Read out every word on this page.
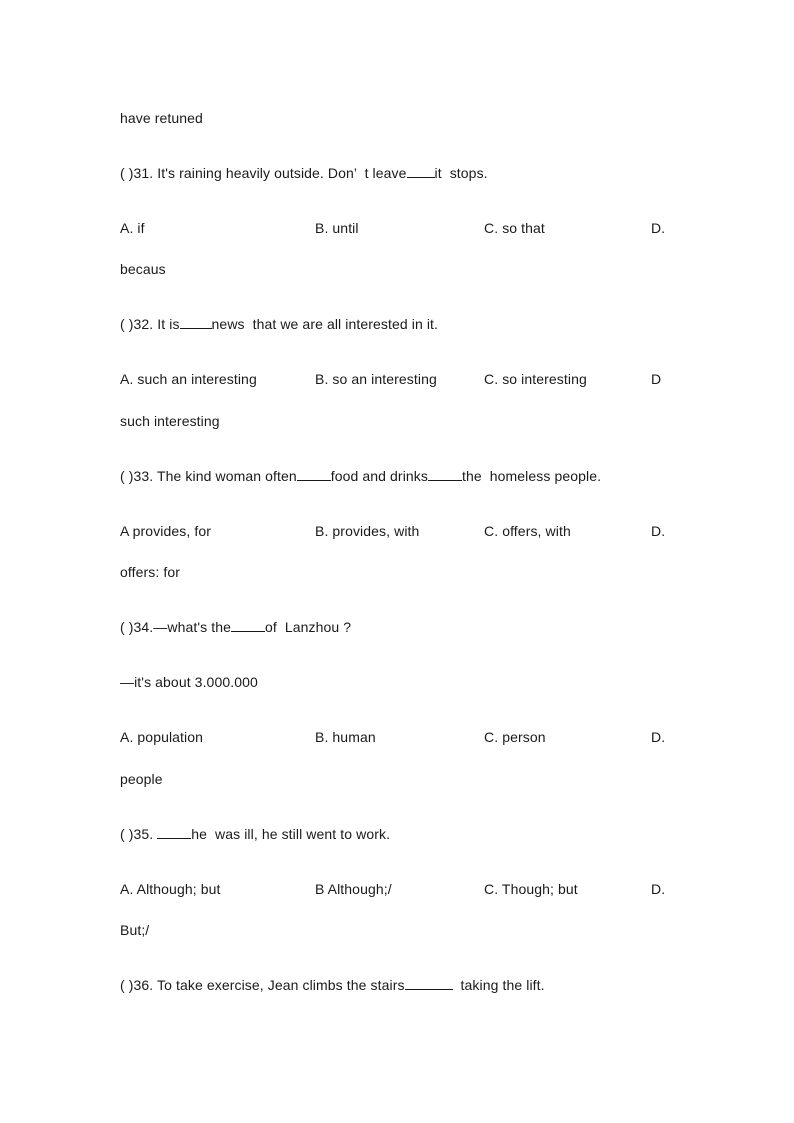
have retuned
( )31. It's raining heavily outside. Don’  t leave it  stops.
A. if	B. until	C. so that	D.
becaus
( )32. It is news  that we are all interested in it.
A. such an interesting	B. so an interesting	C. so interesting	D
such interesting
( )33. The kind woman often food and drinks the  homeless people.
A provides, for	B. provides, with	C. offers, with	D.
offers: for
( )34.—what's the of  Lanzhou ?
—it's about 3.000.000
A. population	B. human	C. person	D.
people
( )35. he  was ill, he still went to work.
A. Although; but	B Although;/	C. Though; but	D.
But;/
( )36. To take exercise, Jean climbs the stairs	taking the lift.
